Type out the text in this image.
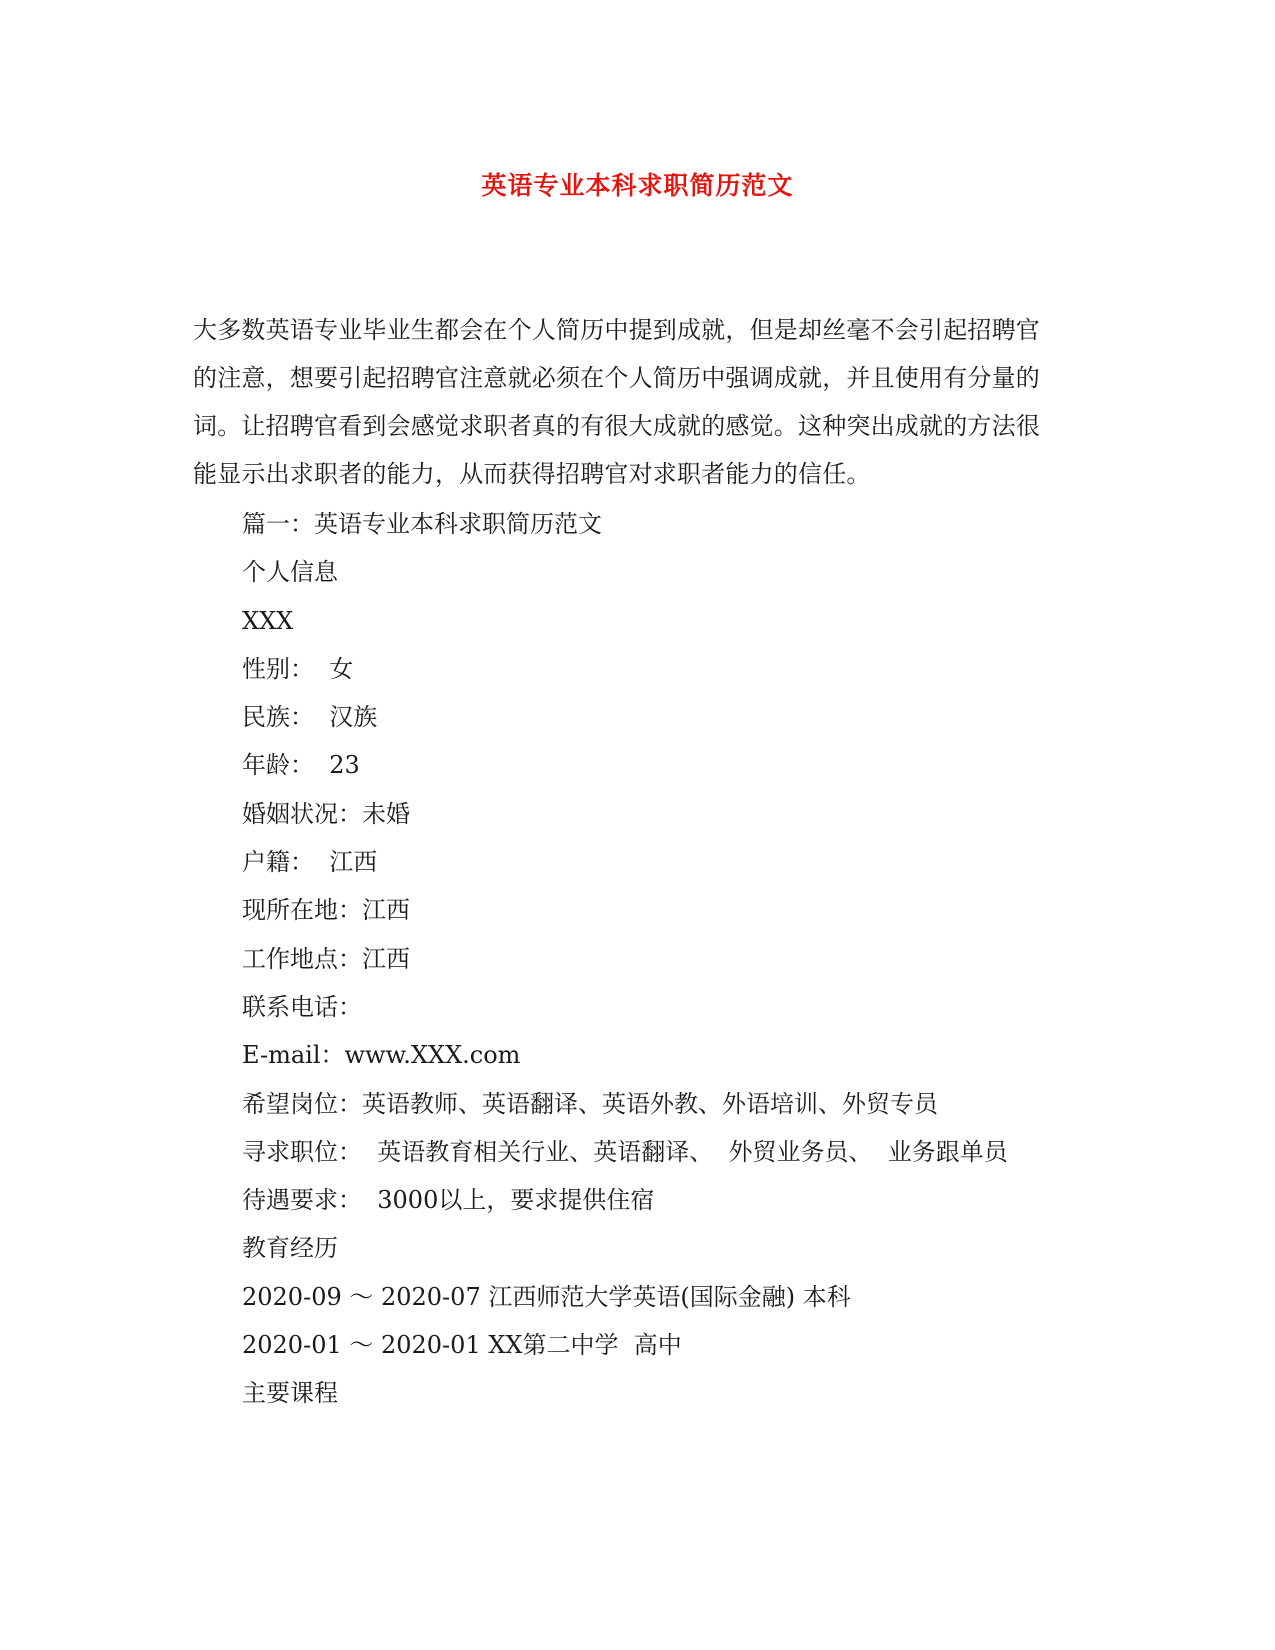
英语专业本科求职简历范文
大多数英语专业毕业生都会在个人简历中提到成就，但是却丝毫不会引起招聘官
的注意，想要引起招聘官注意就必须在个人简历中强调成就，并且使用有分量的
词。让招聘官看到会感觉求职者真的有很大成就的感觉。这种突出成就的方法很
能显示出求职者的能力，从而获得招聘官对求职者能力的信任。
篇一：英语专业本科求职简历范文
个人信息
XXX
性别：  女
民族：  汉族
年龄：  23
婚姻状况：未婚
户籍：  江西
现所在地：江西
工作地点：江西
联系电话：
E-mail：www.XXX.com
希望岗位：英语教师、英语翻译、英语外教、外语培训、外贸专员
寻求职位：  英语教育相关行业、英语翻译、  外贸业务员、  业务跟单员
待遇要求：  3000以上，要求提供住宿
教育经历
2020-09 ～ 2020-07 江西师范大学英语(国际金融) 本科
2020-01 ～ 2020-01 XX第二中学  高中
主要课程
